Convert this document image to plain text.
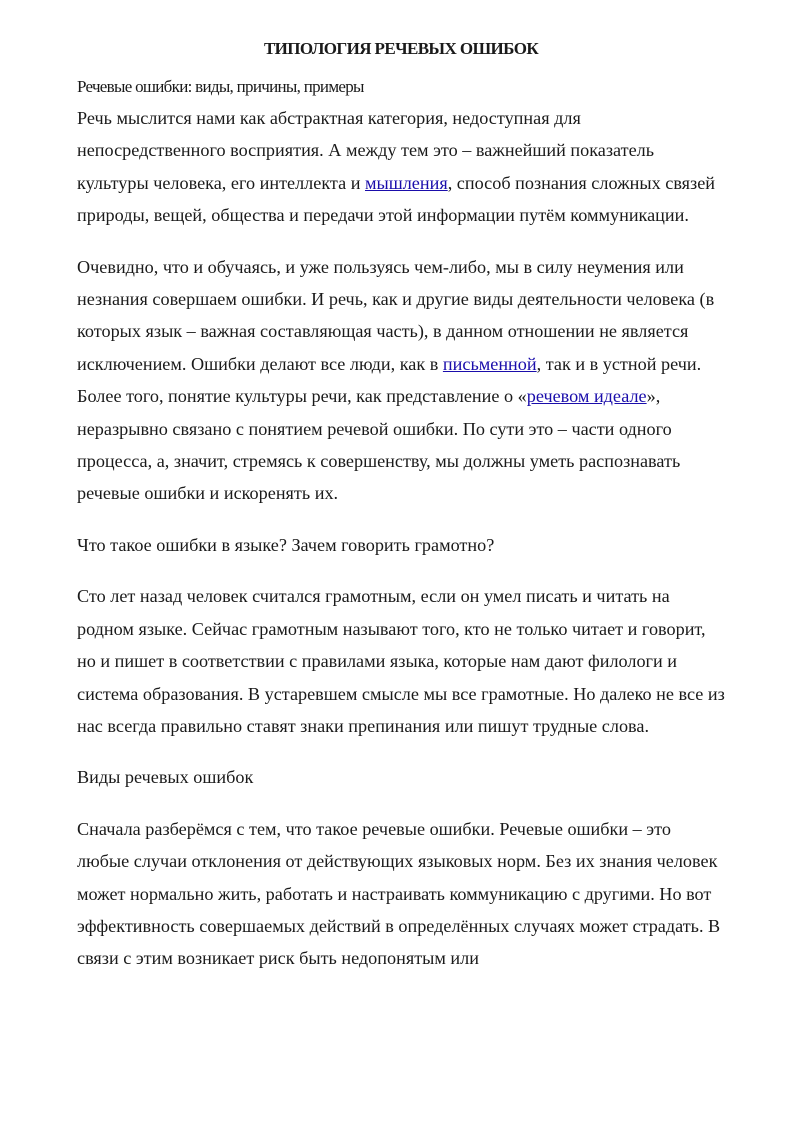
ТИПОЛОГИЯ РЕЧЕВЫХ ОШИБОК

Речевые ошибки: виды, причины, примеры

Речь мыслится нами как абстрактная категория, недоступная для непосредственного восприятия. А между тем это – важнейший показатель культуры человека, его интеллекта и мышления, способ познания сложных связей природы, вещей, общества и передачи этой информации путём коммуникации.

Очевидно, что и обучаясь, и уже пользуясь чем-либо, мы в силу неумения или незнания совершаем ошибки. И речь, как и другие виды деятельности человека (в которых язык – важная составляющая часть), в данном отношении не является исключением. Ошибки делают все люди, как в письменной, так и в устной речи. Более того, понятие культуры речи, как представление о «речевом идеале», неразрывно связано с понятием речевой ошибки. По сути это – части одного процесса, а, значит, стремясь к совершенству, мы должны уметь распознавать речевые ошибки и искоренять их.

Что такое ошибки в языке? Зачем говорить грамотно?

Сто лет назад человек считался грамотным, если он умел писать и читать на родном языке. Сейчас грамотным называют того, кто не только читает и говорит, но и пишет в соответствии с правилами языка, которые нам дают филологи и система образования. В устаревшем смысле мы все грамотные. Но далеко не все из нас всегда правильно ставят знаки препинания или пишут трудные слова.

Виды речевых ошибок

Сначала разберёмся с тем, что такое речевые ошибки. Речевые ошибки – это любые случаи отклонения от действующих языковых норм. Без их знания человек может нормально жить, работать и настраивать коммуникацию с другими. Но вот эффективность совершаемых действий в определённых случаях может страдать. В связи с этим возникает риск быть недопонятым или
